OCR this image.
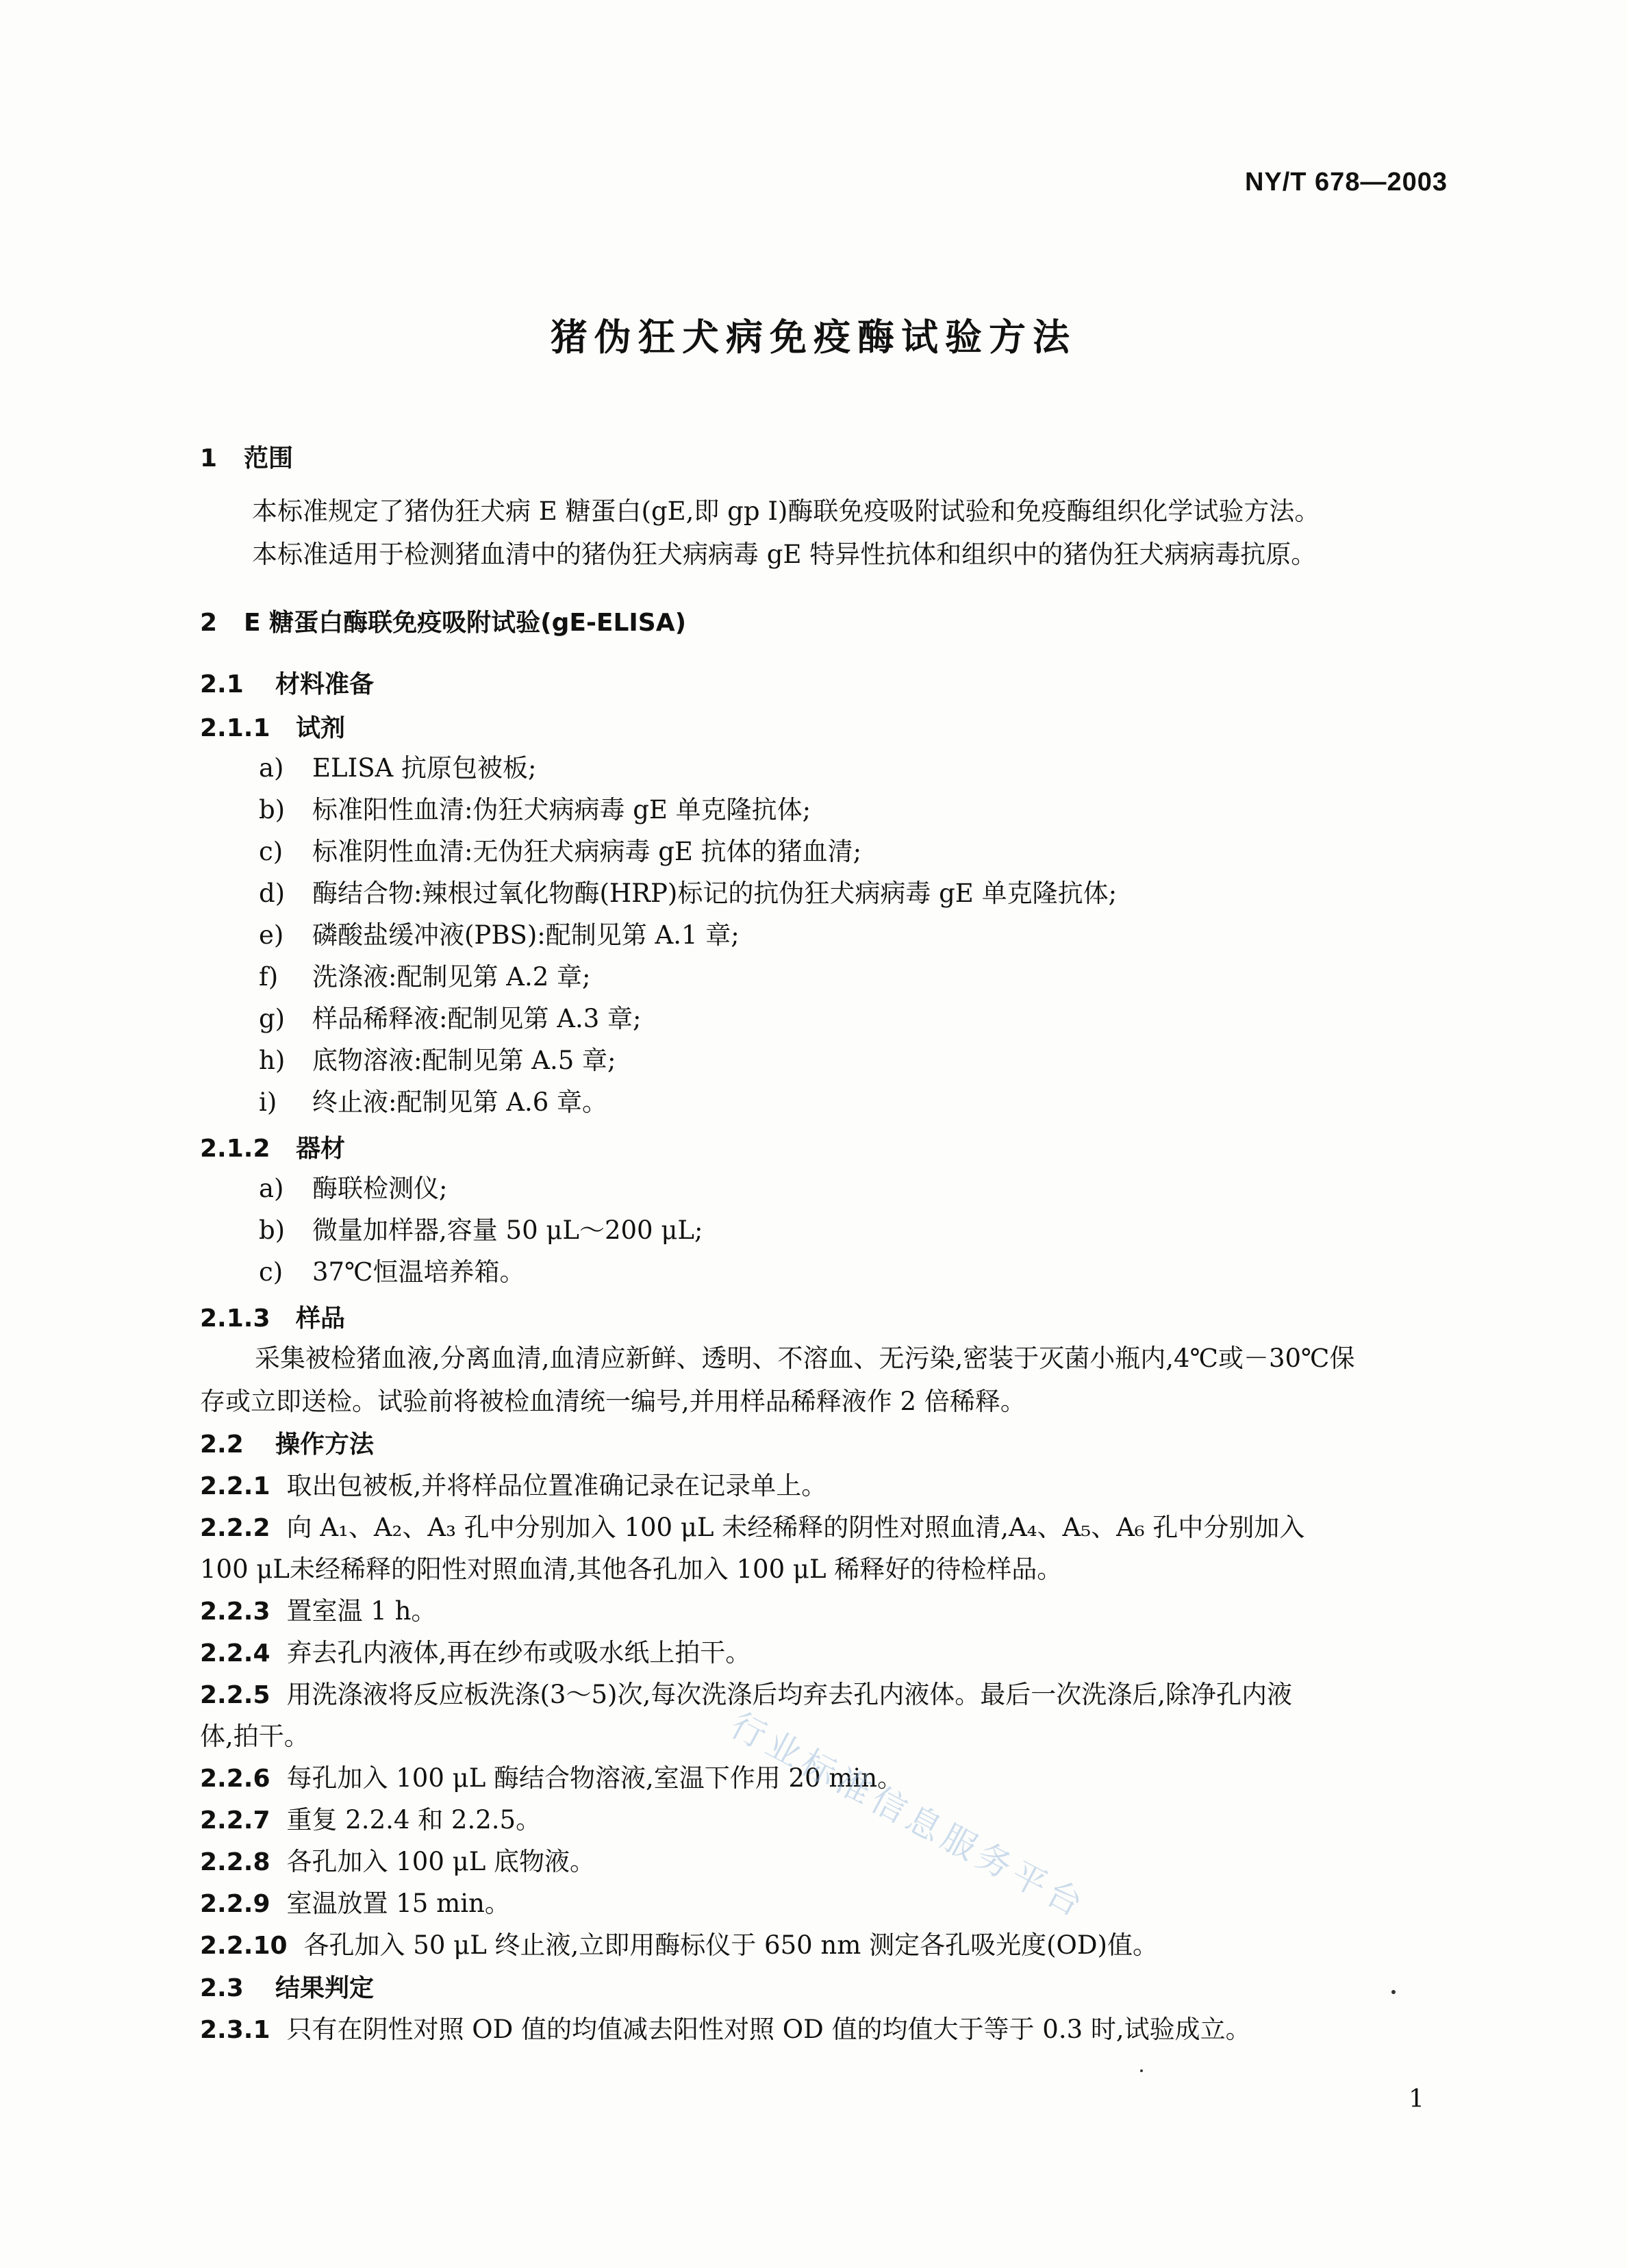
NY/T 678—2003
猪伪狂犬病免疫酶试验方法
1 范围
本标准规定了猪伪狂犬病 E 糖蛋白(gE,即 gp Ⅰ)酶联免疫吸附试验和免疫酶组织化学试验方法。
本标准适用于检测猪血清中的猪伪狂犬病病毒 gE 特异性抗体和组织中的猪伪狂犬病病毒抗原。
2 E 糖蛋白酶联免疫吸附试验(gE-ELISA)
2.1 材料准备
2.1.1 试剂
a) ELISA 抗原包被板;
b) 标准阳性血清:伪狂犬病病毒 gE 单克隆抗体;
c) 标准阴性血清:无伪狂犬病病毒 gE 抗体的猪血清;
d) 酶结合物:辣根过氧化物酶(HRP)标记的抗伪狂犬病病毒 gE 单克隆抗体;
e) 磷酸盐缓冲液(PBS):配制见第 A.1 章;
f) 洗涤液:配制见第 A.2 章;
g) 样品稀释液:配制见第 A.3 章;
h) 底物溶液:配制见第 A.5 章;
i) 终止液:配制见第 A.6 章。
2.1.2 器材
a) 酶联检测仪;
b) 微量加样器,容量 50 μL～200 μL;
c) 37℃恒温培养箱。
2.1.3 样品
采集被检猪血液,分离血清,血清应新鲜、透明、不溶血、无污染,密装于灭菌小瓶内,4℃或－30℃保
存或立即送检。试验前将被检血清统一编号,并用样品稀释液作 2 倍稀释。
2.2 操作方法
2.2.1 取出包被板,并将样品位置准确记录在记录单上。
2.2.2 向 A₁、A₂、A₃ 孔中分别加入 100 μL 未经稀释的阴性对照血清,A₄、A₅、A₆ 孔中分别加入
100 μL未经稀释的阳性对照血清,其他各孔加入 100 μL 稀释好的待检样品。
2.2.3 置室温 1 h。
2.2.4 弃去孔内液体,再在纱布或吸水纸上拍干。
2.2.5 用洗涤液将反应板洗涤(3～5)次,每次洗涤后均弃去孔内液体。最后一次洗涤后,除净孔内液
体,拍干。
2.2.6 每孔加入 100 μL 酶结合物溶液,室温下作用 20 min。
2.2.7 重复 2.2.4 和 2.2.5。
2.2.8 各孔加入 100 μL 底物液。
2.2.9 室温放置 15 min。
2.2.10 各孔加入 50 μL 终止液,立即用酶标仪于 650 nm 测定各孔吸光度(OD)值。
2.3 结果判定
2.3.1 只有在阴性对照 OD 值的均值减去阳性对照 OD 值的均值大于等于 0.3 时,试验成立。
行业标准信息服务平台
1
